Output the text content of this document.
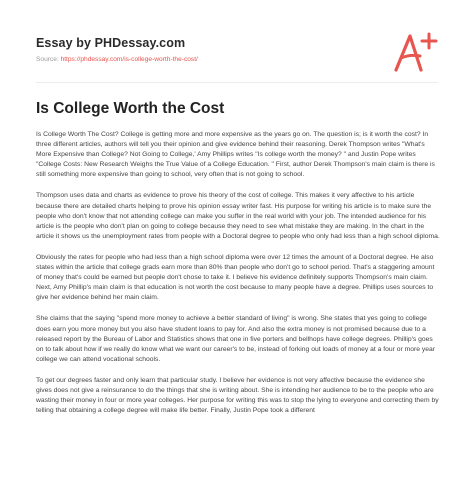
Essay by PHDessay.com
Source: https://phdessay.com/is-college-worth-the-cost/
Is College Worth the Cost

Is College Worth The Cost? College is getting more and more expensive as the years go on. The question is; is it worth the cost? In three different articles, authors will tell you their opinion and give evidence behind their reasoning. Derek Thompson writes "What's More Expensive than College? Not Going to College,' Amy Phillips writes "Is college worth the money? " and Justin Pope writes "College Costs: New Research Weighs the True Value of a College Education. " First, author Derek Thompson's main claim is there is still something more expensive than going to school, very often that is not going to school.

Thompson uses data and charts as evidence to prove his theory of the cost of college. This makes it very affective to his article because there are detailed charts helping to prove his opinion essay writer fast. His purpose for writing his article is to make sure the people who don't know that not attending college can make you suffer in the real world with your job. The intended audience for his article is the people who don't plan on going to college because they need to see what mistake they are making. In the chart in the article it shows us the unemployment rates from people with a Doctoral degree to people who only had less than a high school diploma.

Obviously the rates for people who had less than a high school diploma were over 12 times the amount of a Doctoral degree. He also states within the article that college grads earn more than 80% than people who don't go to school period. That's a staggering amount of money that's could be earned but people don't chose to take it. I believe his evidence definitely supports Thompson's main claim. Next, Amy Phillip's main claim is that education is not worth the cost because to many people have a degree. Phillips uses sources to give her evidence behind her main claim.

She claims that the saying "spend more money to achieve a better standard of living" is wrong. She states that yes going to college does earn you more money but you also have student loans to pay for. And also the extra money is not promised because due to a released report by the Bureau of Labor and Statistics shows that one in five porters and bellhops have college degrees. Phillip's goes on to talk about how if we really do know what we want our career's to be, instead of forking out loads of money at a four or more year college we can attend vocational schools.

To get our degrees faster and only learn that particular study. I believe her evidence is not very affective because the evidence she gives does not give a reinsurance to do the things that she is writing about. She is intending her audience to be to the people who are wasting their money in four or more year colleges. Her purpose for writing this was to stop the lying to everyone and correcting them by telling that obtaining a college degree will make life better. Finally, Justin Pope took a different
